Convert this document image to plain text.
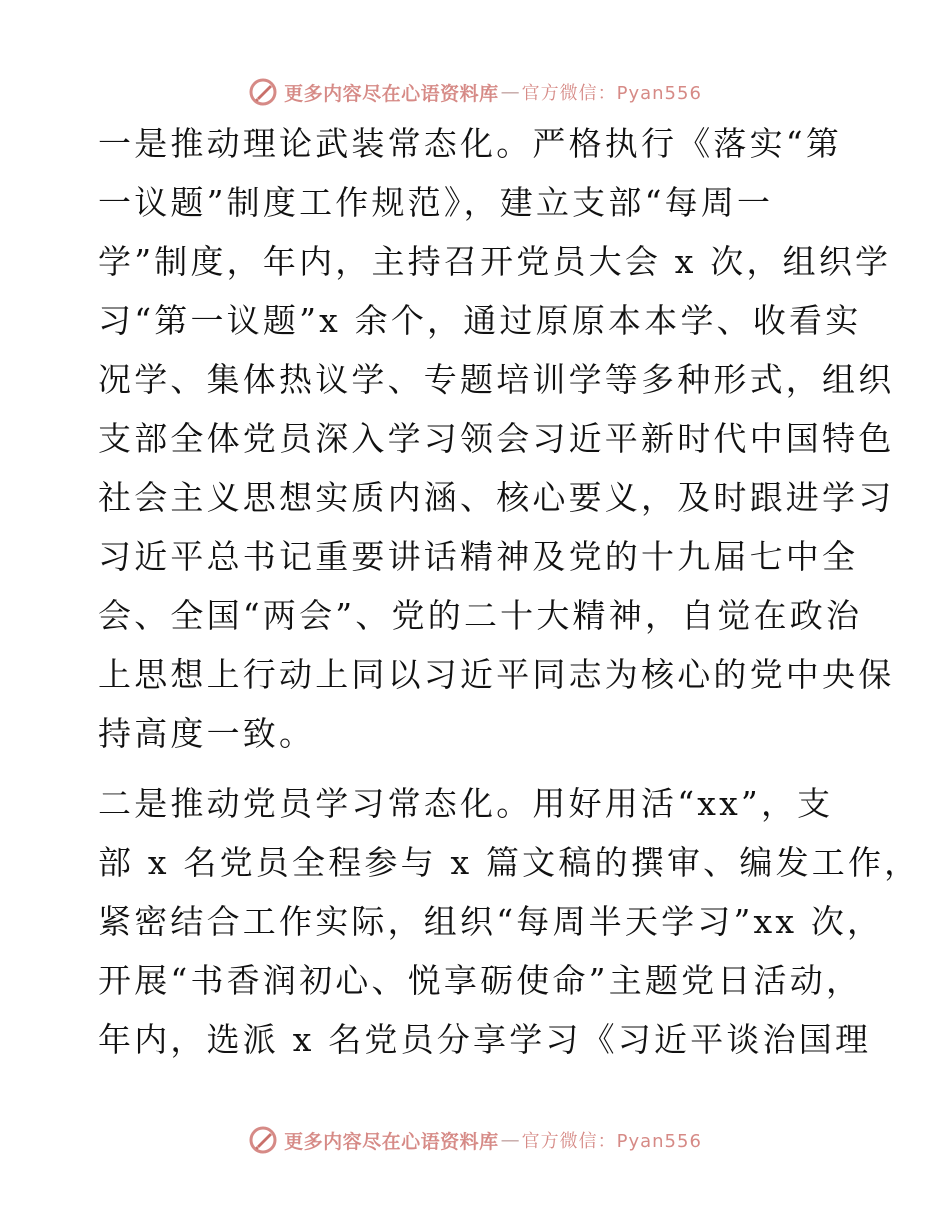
更多内容尽在心语资料库 — 官方微信：Pyan556
一是推动理论武装常态化。严格执行《落实“第
一议题”制度工作规范》，建立支部“每周一
学”制度，年内，主持召开党员大会 x 次，组织学
习“第一议题”x 余个，通过原原本本学、收看实
况学、集体热议学、专题培训学等多种形式，组织
支部全体党员深入学习领会习近平新时代中国特色
社会主义思想实质内涵、核心要义，及时跟进学习
习近平总书记重要讲话精神及党的十九届七中全
会、全国“两会”、党的二十大精神，自觉在政治
上思想上行动上同以习近平同志为核心的党中央保
持高度一致。
二是推动党员学习常态化。用好用活“xx”，支
部 x 名党员全程参与 x 篇文稿的撰审、编发工作，
紧密结合工作实际，组织“每周半天学习”xx 次，
开展“书香润初心、悦享砺使命”主题党日活动，
年内，选派 x 名党员分享学习《习近平谈治国理
更多内容尽在心语资料库 — 官方微信：Pyan556
